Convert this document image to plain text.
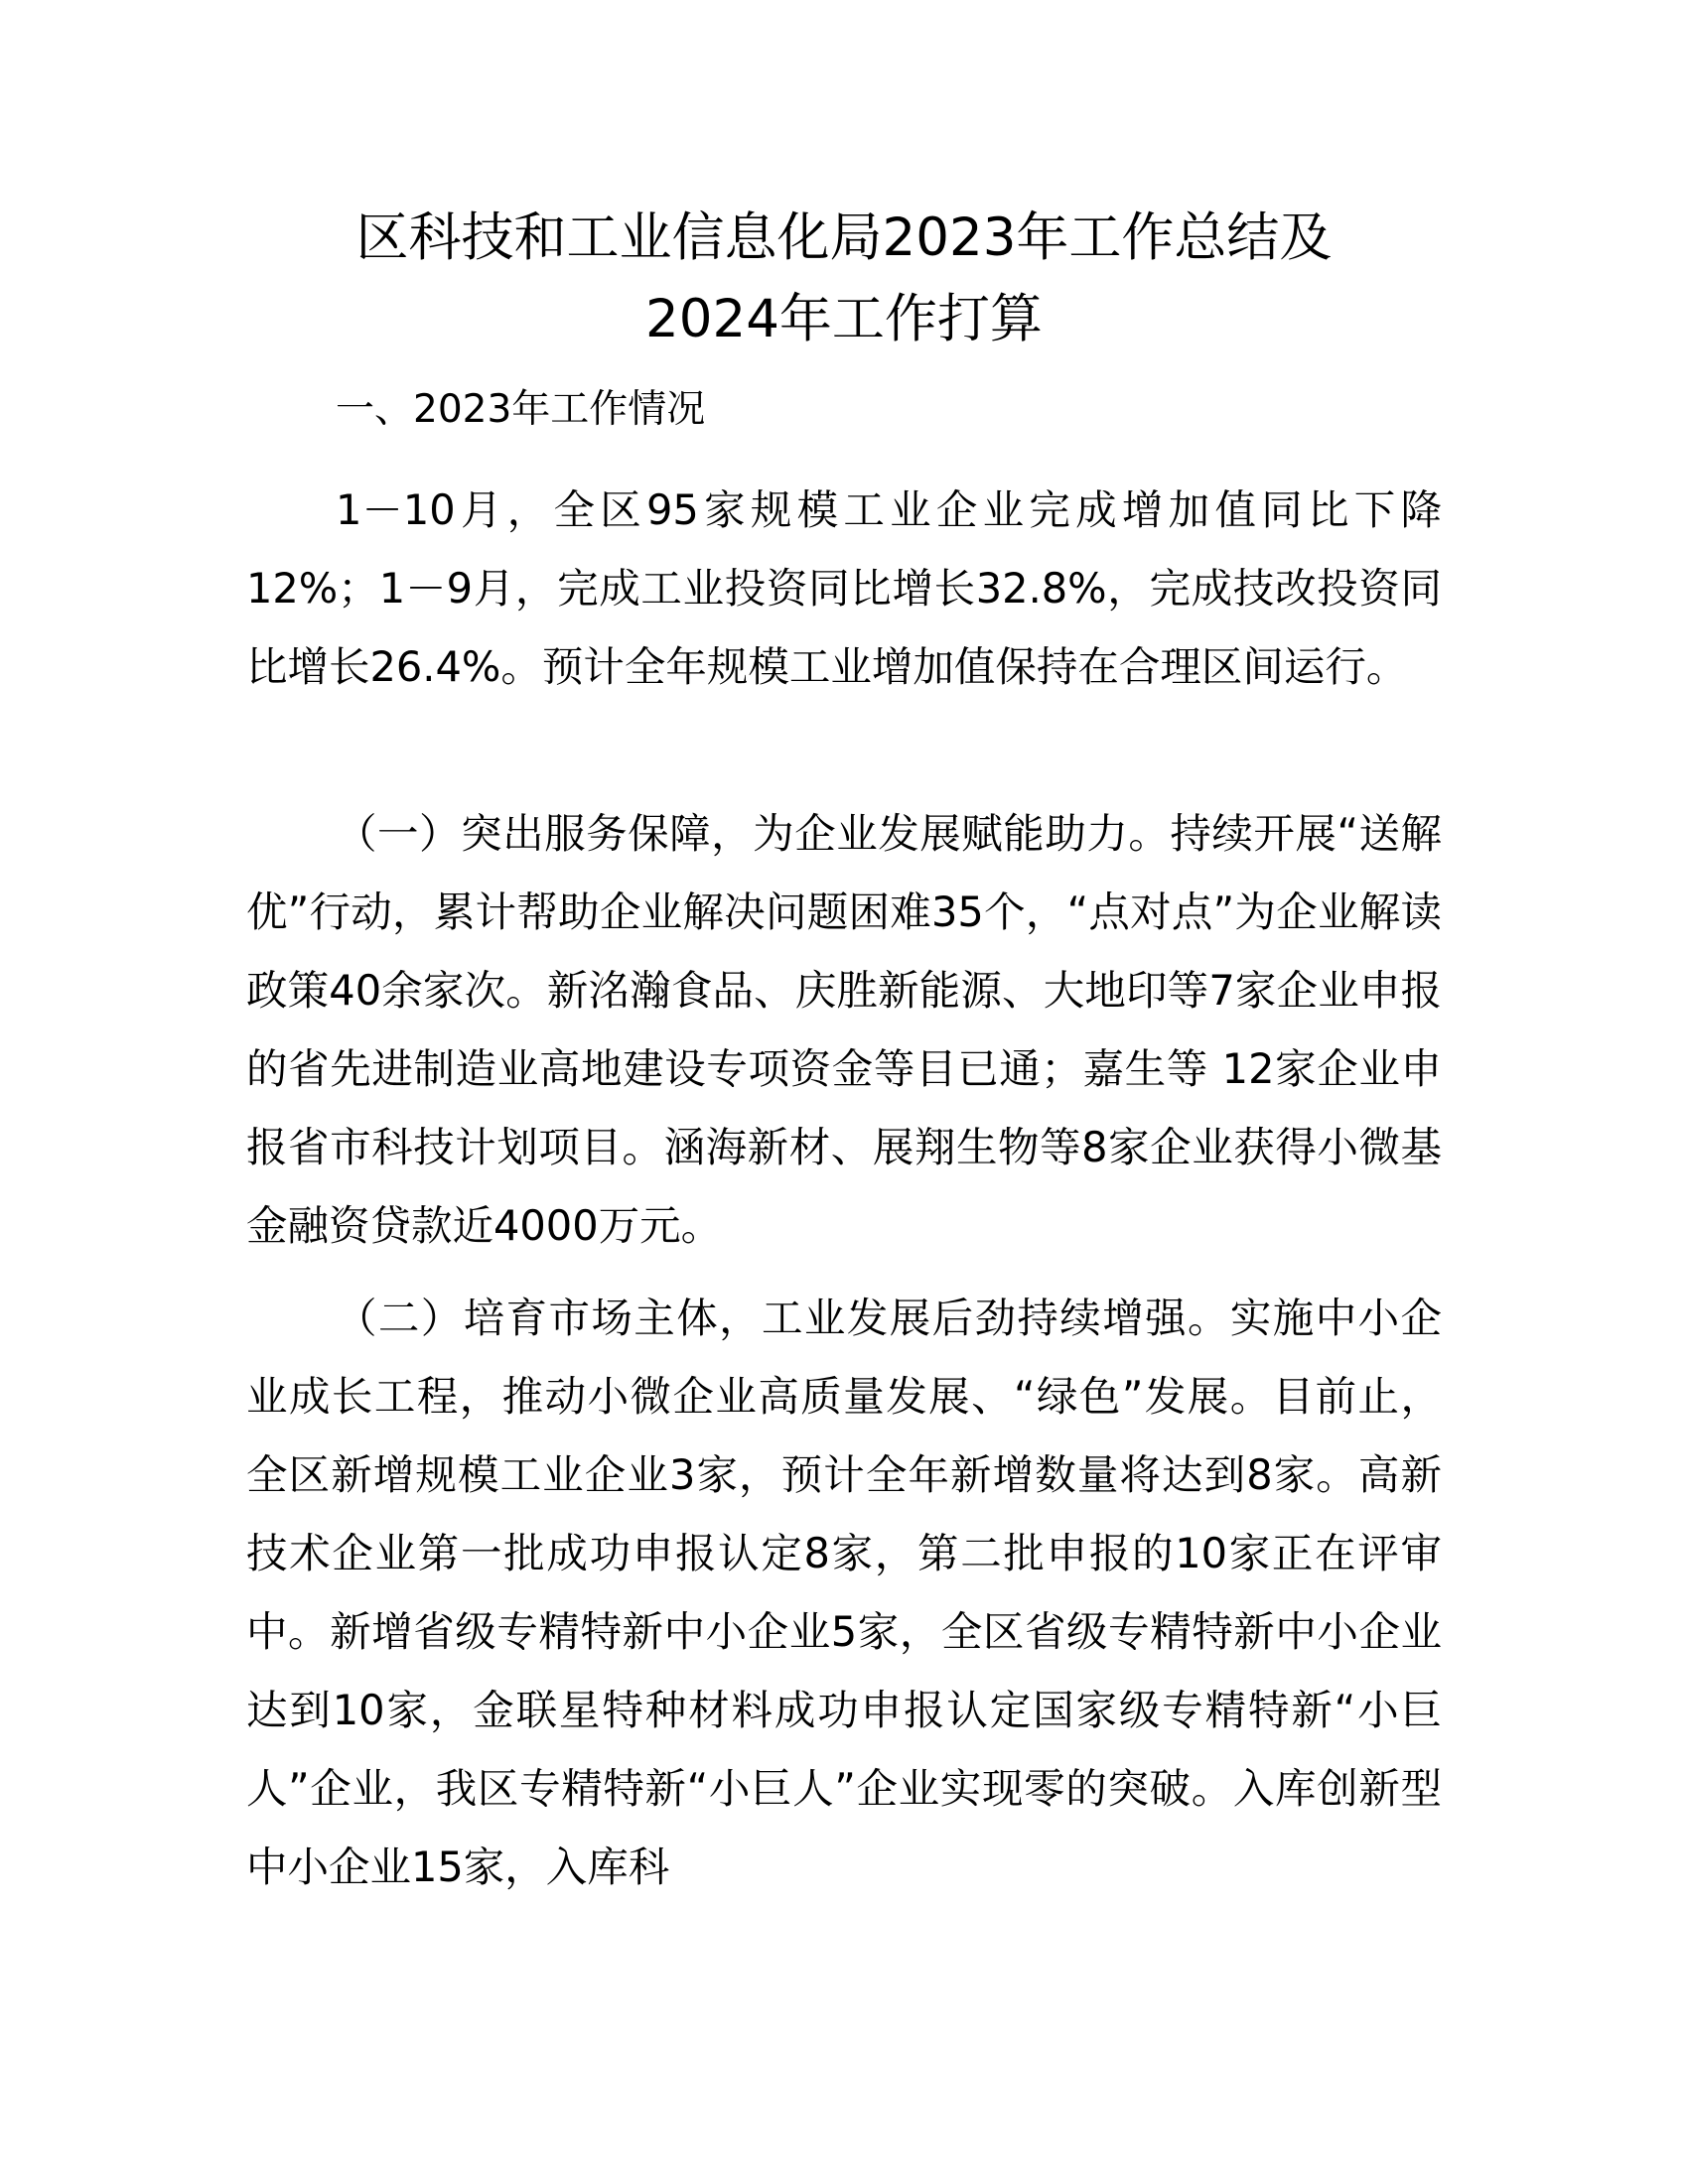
区科技和工业信息化局2023年工作总结及
2024年工作打算
一、2023年工作情况

1－10月，全区95家规模工业企业完成增加值同比下降12%；1－9月，完成工业投资同比增长32.8%，完成技改投资同比增长26.4%。预计全年规模工业增加值保持在合理区间运行。

（一）突出服务保障，为企业发展赋能助力。持续开展“送解优”行动，累计帮助企业解决问题困难35个，“点对点”为企业解读政策40余家次。新洺瀚食品、庆胜新能源、大地印等7家企业申报的省先进制造业高地建设专项资金等目已通；嘉生等 12家企业申报省市科技计划项目。涵海新材、展翔生物等8家企业获得小微基金融资贷款近4000万元。

（二）培育市场主体，工业发展后劲持续增强。实施中小企业成长工程，推动小微企业高质量发展、“绿色”发展。目前止，全区新增规模工业企业3家，预计全年新增数量将达到8家。高新技术企业第一批成功申报认定8家，第二批申报的10家正在评审中。新增省级专精特新中小企业5家，全区省级专精特新中小企业达到10家，金联星特种材料成功申报认定国家级专精特新“小巨人”企业，我区专精特新“小巨人”企业实现零的突破。入库创新型中小企业15家，入库科
